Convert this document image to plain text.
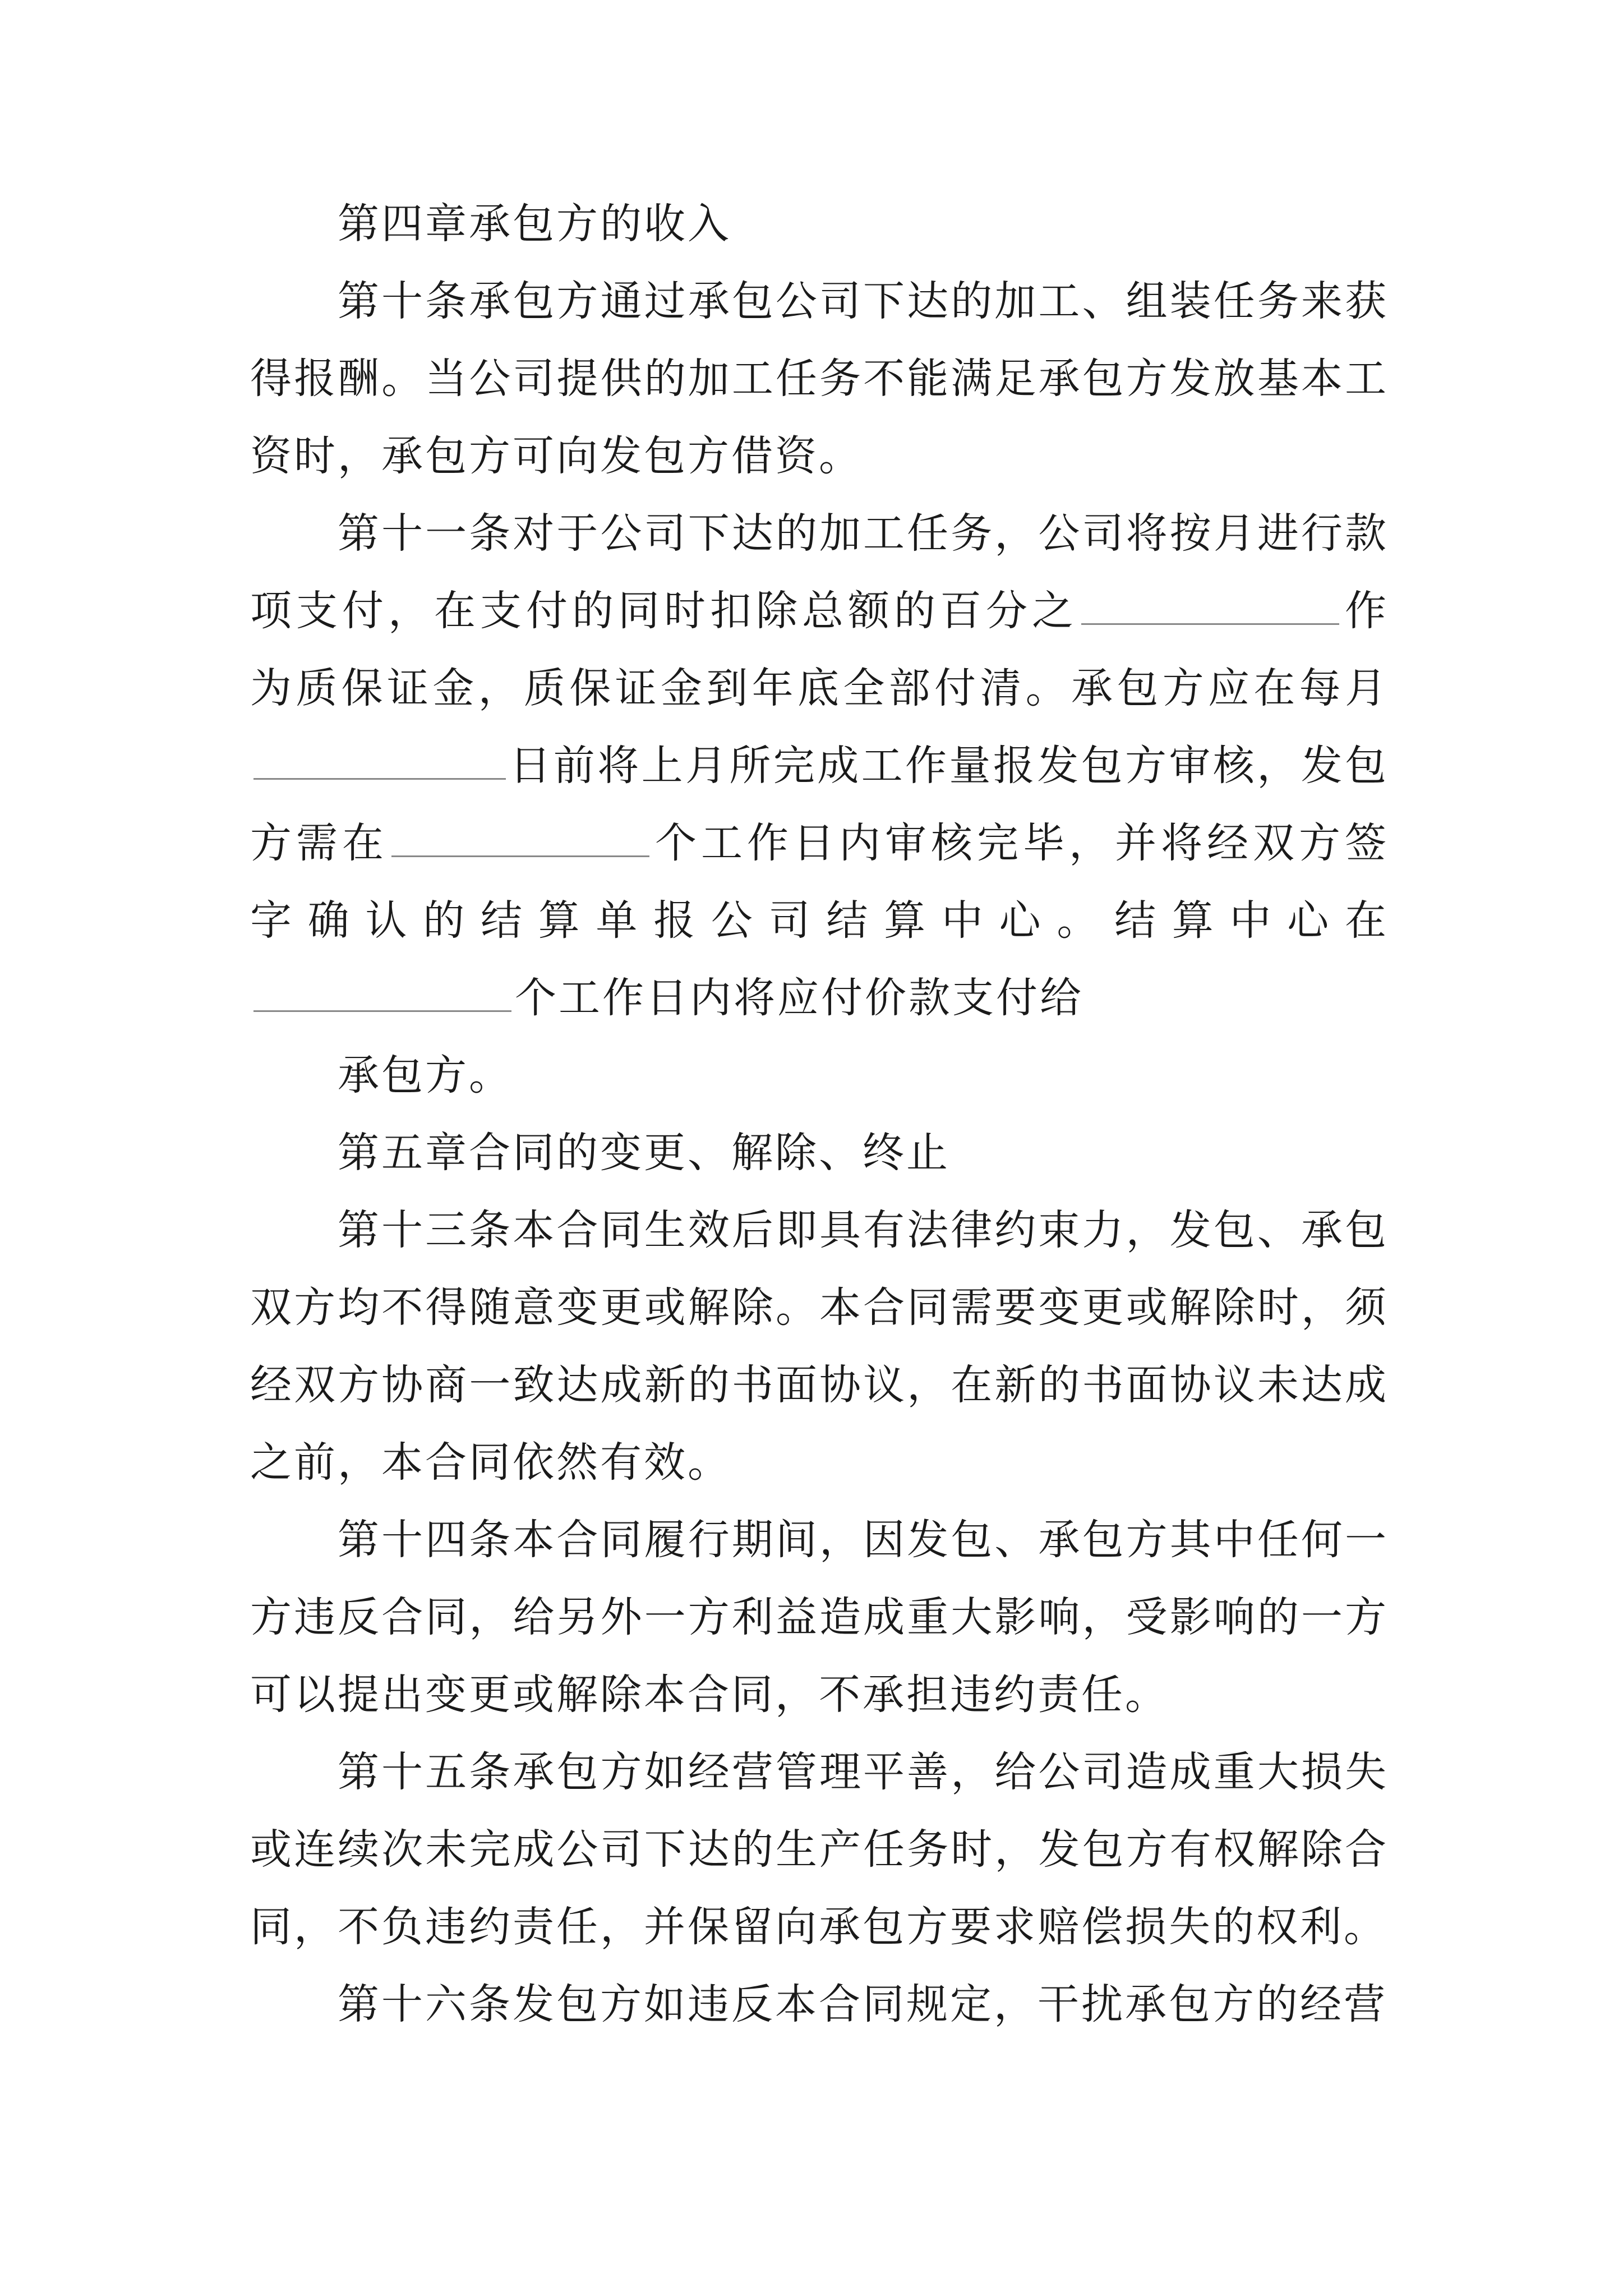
第四章承包方的收入

第十条承包方通过承包公司下达的加工、组装任务来获得报酬。当公司提供的加工任务不能满足承包方发放基本工资时，承包方可向发包方借资。

第十一条对于公司下达的加工任务，公司将按月进行款项支付，在支付的同时扣除总额的百分之	作为质保证金，质保证金到年底全部付清。承包方应在每月日前将上月所完成工作量报发包方审核，发包方需在	个工作日内审核完毕，并将经双方签字确认的结算单报公司结算中心。结算中心在个工作日内将应付价款支付给

承包方。

第五章合同的变更、解除、终止

第十三条本合同生效后即具有法律约束力，发包、承包双方均不得随意变更或解除。本合同需要变更或解除时，须经双方协商一致达成新的书面协议，在新的书面协议未达成之前，本合同依然有效。

第十四条本合同履行期间，因发包、承包方其中任何一方违反合同，给另外一方利益造成重大影响，受影响的一方可以提出变更或解除本合同，不承担违约责任。

第十五条承包方如经营管理平善，给公司造成重大损失或连续次未完成公司下达的生产任务时，发包方有权解除合同，不负违约责任，并保留向承包方要求赔偿损失的权利。

第十六条发包方如违反本合同规定，干扰承包方的经营
